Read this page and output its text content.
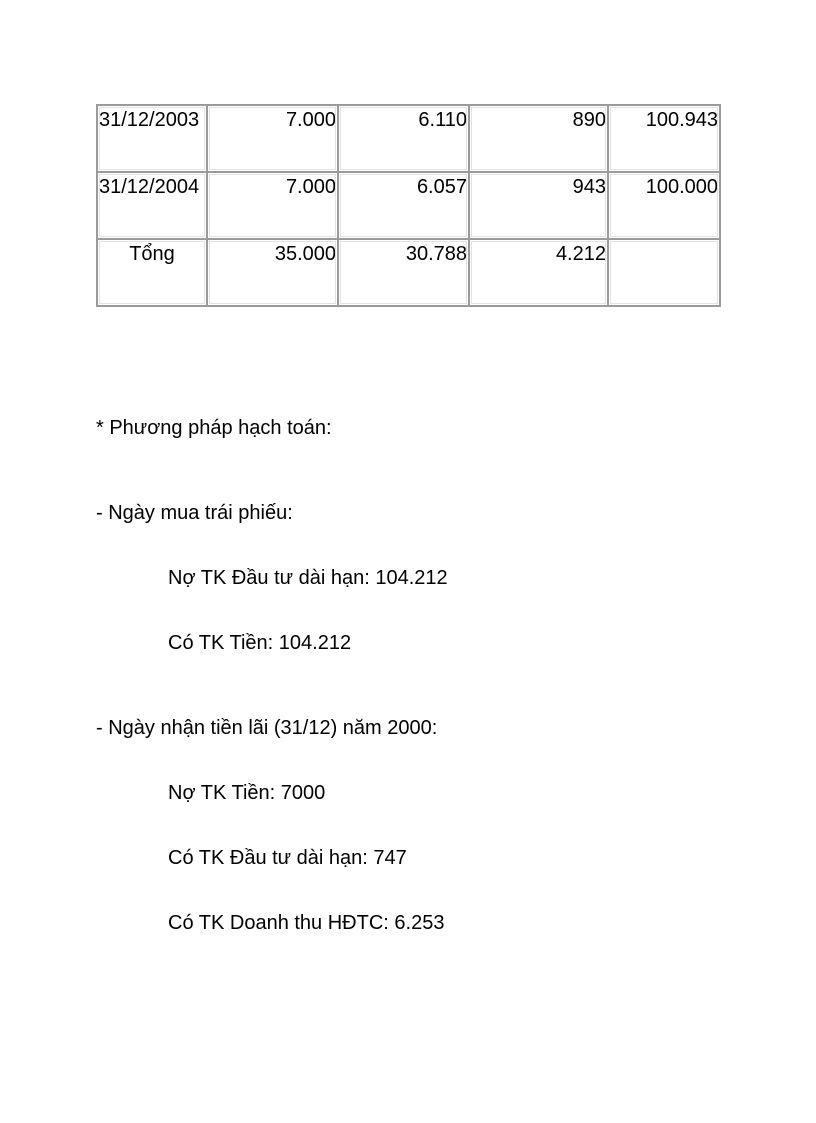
31/12/2003	7.000	6.110	890	100.943
31/12/2004	7.000	6.057	943	100.000
Tổng	35.000	30.788	4.212	
* Phương pháp hạch toán:
- Ngày mua trái phiếu:
Nợ TK Đầu tư dài hạn: 104.212
Có TK Tiền: 104.212
- Ngày nhận tiền lãi (31/12) năm 2000:
Nợ TK Tiền: 7000
Có TK Đầu tư dài hạn: 747
Có TK Doanh thu HĐTC: 6.253
